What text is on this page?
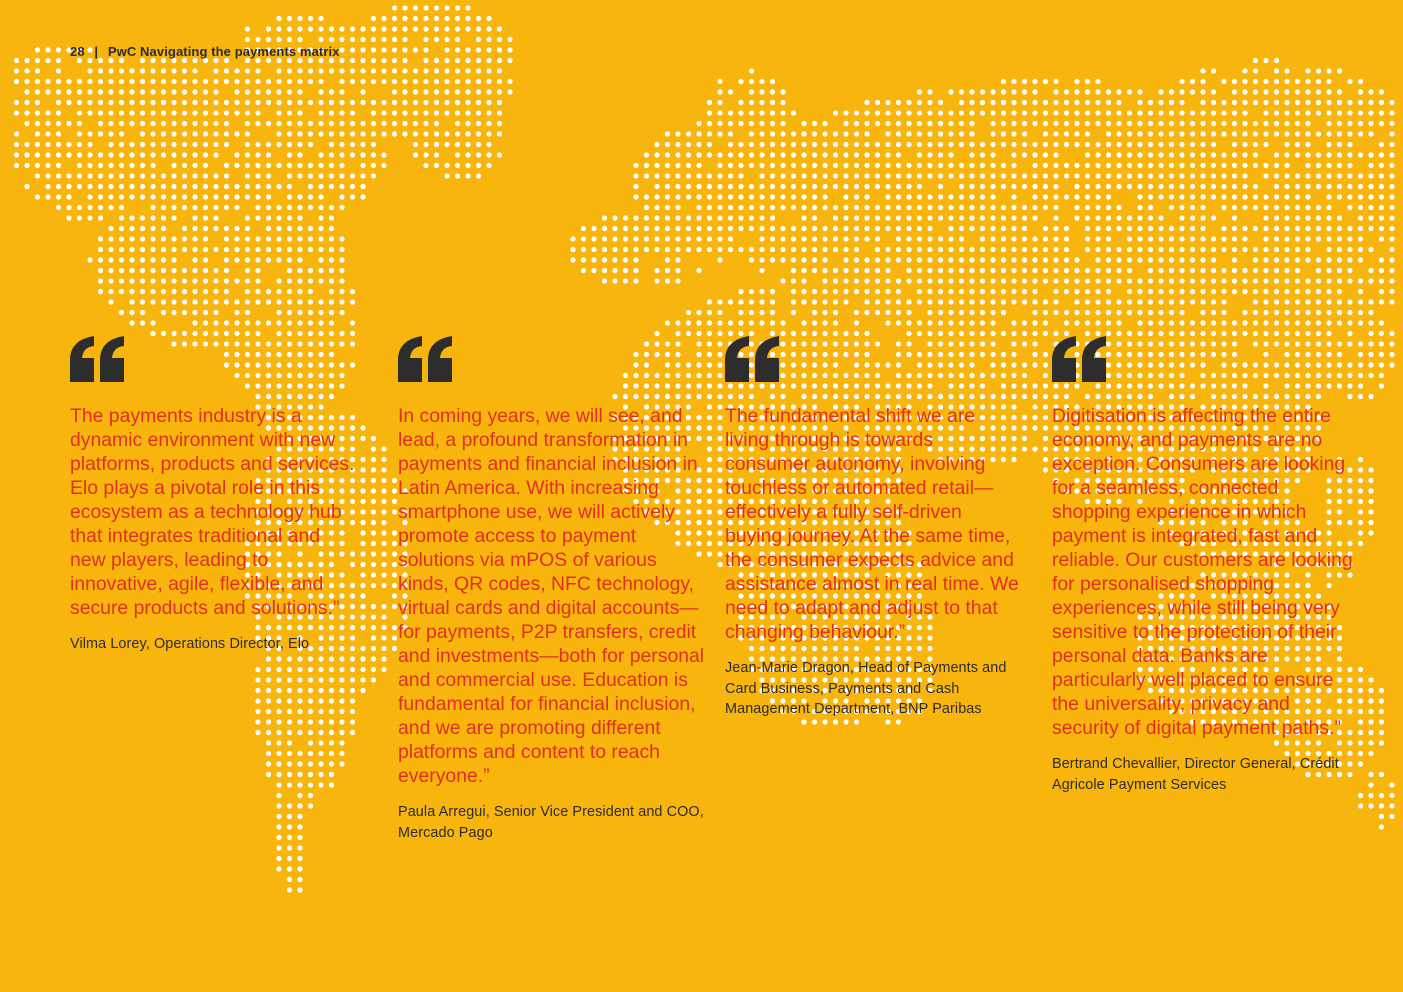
28 | PwC Navigating the payments matrix
The payments industry is a dynamic environment with new platforms, products and services. Elo plays a pivotal role in this ecosystem as a technology hub that integrates traditional and new players, leading to innovative, agile, flexible, and secure products and solutions.”
Vilma Lorey, Operations Director, Elo
In coming years, we will see, and lead, a profound transformation in payments and financial inclusion in Latin America. With increasing smartphone use, we will actively promote access to payment solutions via mPOS of various kinds, QR codes, NFC technology, virtual cards and digital accounts—for payments, P2P transfers, credit and investments—both for personal and commercial use. Education is fundamental for financial inclusion, and we are promoting different platforms and content to reach everyone.”
Paula Arregui, Senior Vice President and COO, Mercado Pago
The fundamental shift we are living through is towards consumer autonomy, involving touchless or automated retail—effectively a fully self-driven buying journey. At the same time, the consumer expects advice and assistance almost in real time. We need to adapt and adjust to that changing behaviour.”
Jean-Marie Dragon, Head of Payments and Card Business, Payments and Cash Management Department, BNP Paribas
Digitisation is affecting the entire economy, and payments are no exception. Consumers are looking for a seamless, connected shopping experience in which payment is integrated, fast and reliable. Our customers are looking for personalised shopping experiences, while still being very sensitive to the protection of their personal data. Banks are particularly well placed to ensure the universality, privacy and security of digital payment paths.”
Bertrand Chevallier, Director General, Crédit Agricole Payment Services
